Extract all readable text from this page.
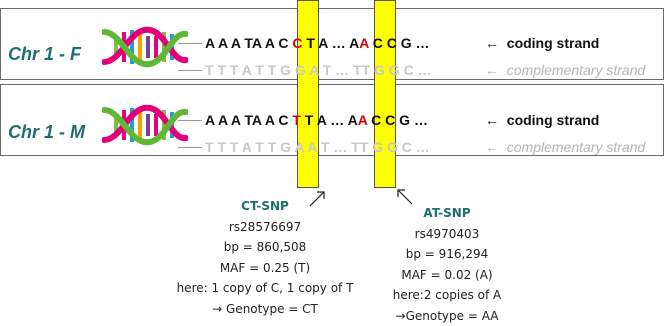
Chr 1 - F
Chr 1 - M
A A A TA A C C T A … AA C C G …
T T T A T T G G A T … TT G G C …
A A A TA A C T T A … AA C C G …
T T T A T T G A A T … TT G G C …
←  coding strand
←  complementary strand
←  coding strand
←  complementary strand
CT-SNP
rs28576697
bp = 860,508
MAF = 0.25 (T)
here: 1 copy of C, 1 copy of T
→ Genotype = CT
AT-SNP
rs4970403
bp = 916,294
MAF = 0.02 (A)
here:2 copies of A
→Genotype = AA
